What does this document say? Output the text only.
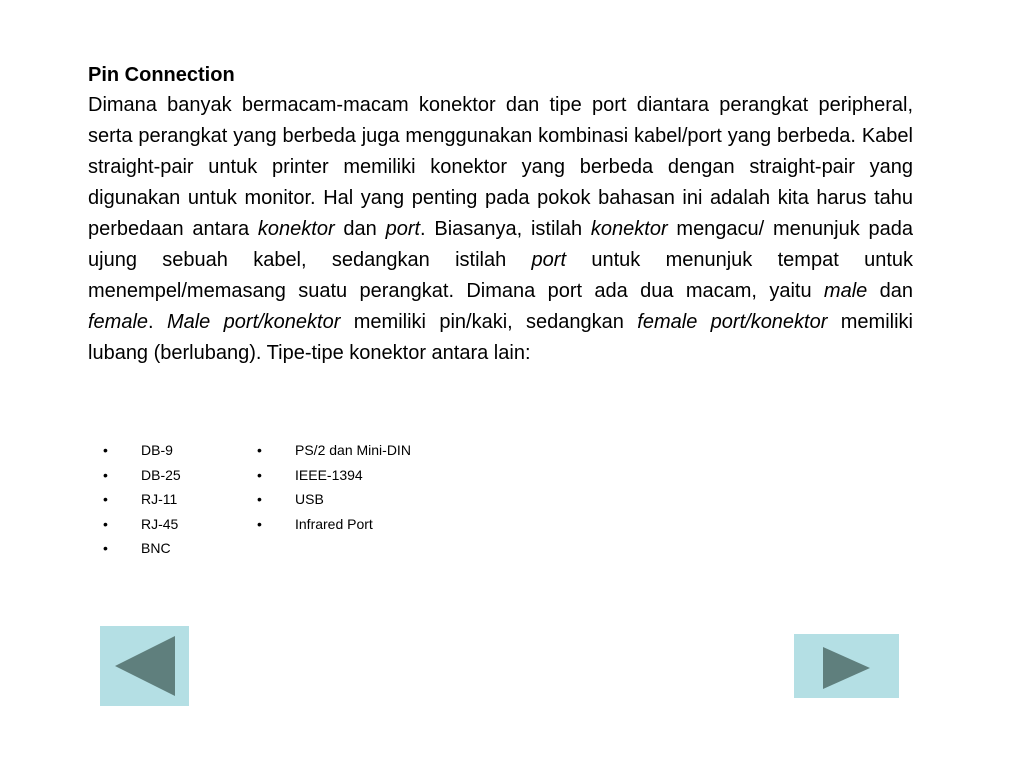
Pin Connection

Dimana banyak bermacam-macam konektor dan tipe port diantara perangkat peripheral, serta perangkat yang berbeda juga menggunakan kombinasi kabel/port yang berbeda. Kabel straight-pair untuk printer memiliki konektor yang berbeda dengan straight-pair yang digunakan untuk monitor. Hal yang penting pada pokok bahasan ini adalah kita harus tahu perbedaan antara konektor dan port. Biasanya, istilah konektor mengacu/ menunjuk pada ujung sebuah kabel, sedangkan istilah port untuk menunjuk tempat untuk menempel/memasang suatu perangkat. Dimana port ada dua macam, yaitu male dan female. Male port/konektor memiliki pin/kaki, sedangkan female port/konektor memiliki lubang (berlubang). Tipe-tipe konektor antara lain:

• DB-9
• DB-25
• RJ-11
• RJ-45
• BNC
• PS/2 dan Mini-DIN
• IEEE-1394
• USB
• Infrared Port
